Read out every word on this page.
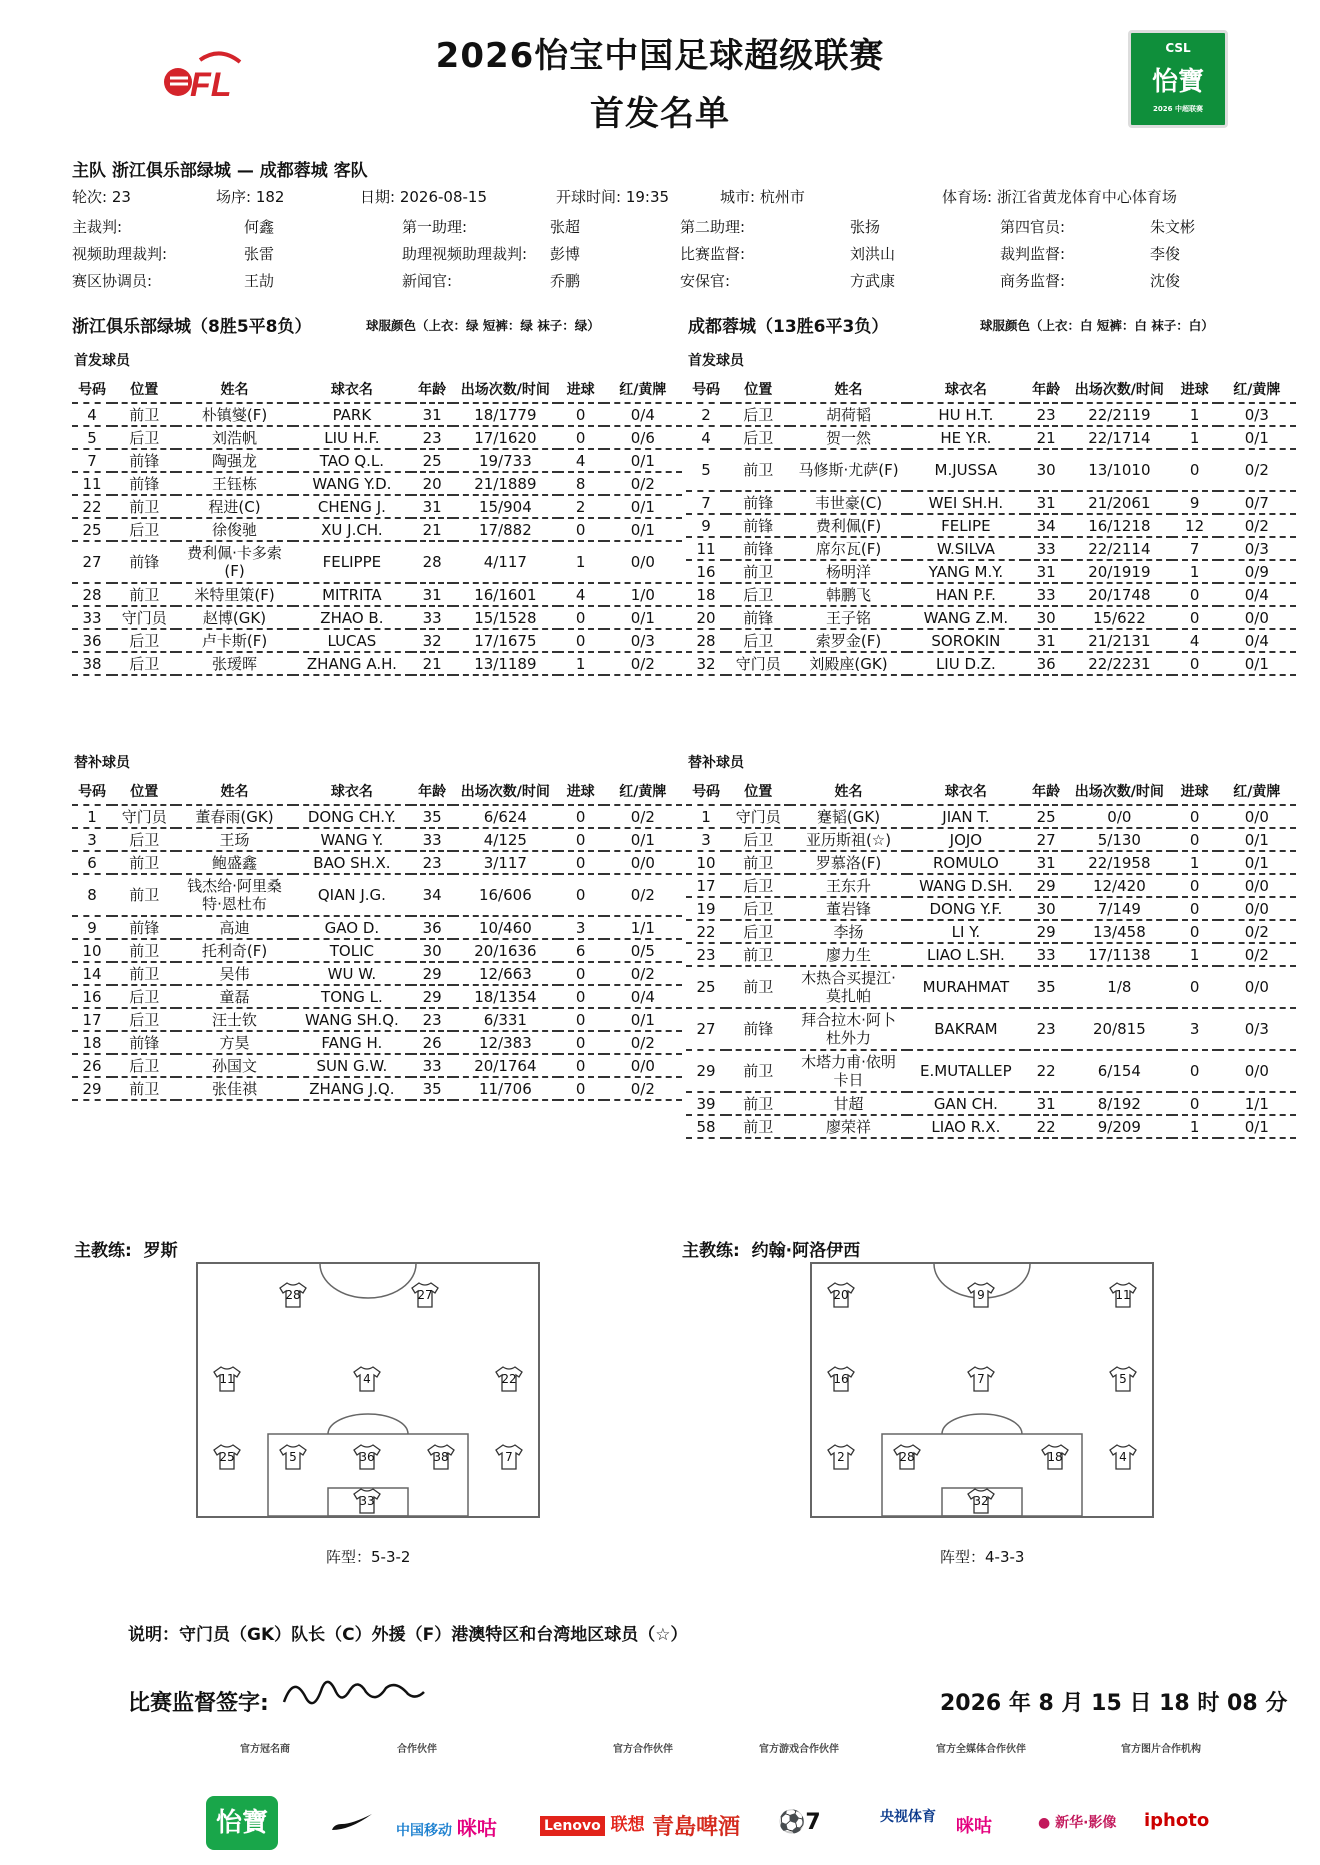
FL
2026怡宝中国足球超级联赛
首发名单
CSL
怡寶
2026 中超联赛
主队 浙江俱乐部绿城 — 成都蓉城 客队
轮次: 23	场序: 182	日期: 2026-08-15	开球时间: 19:35	城市: 杭州市	体育场: 浙江省黄龙体育中心体育场
主裁判:	何鑫	第一助理:	张超	第二助理:	张扬	第四官员:	朱文彬
视频助理裁判:	张雷	助理视频助理裁判: 彭博	比赛监督:	刘洪山	裁判监督:	李俊
赛区协调员:	王劼	新闻官:	乔鹏	安保官:	方武康	商务监督:	沈俊
浙江俱乐部绿城（8胜5平8负）	球服颜色（上衣：绿 短裤：绿 袜子：绿）	成都蓉城（13胜6平3负）	球服颜色（上衣：白 短裤：白 袜子：白）
首发球员	首发球员
号码	位置	姓名	球衣名	年龄	出场次数/时间	进球	红/黄牌
4	前卫	朴镇燮(F)	PARK	31	18/1779	0	0/4
5	后卫	刘浩帆	LIU H.F.	23	17/1620	0	0/6
7	前锋	陶强龙	TAO Q.L.	25	19/733	4	0/1
11	前锋	王钰栋	WANG Y.D.	20	21/1889	8	0/2
22	前卫	程进(C)	CHENG J.	31	15/904	2	0/1
25	后卫	徐俊驰	XU J.CH.	21	17/882	0	0/1
27	前锋	费利佩·卡多索(F)	FELIPPE	28	4/117	1	0/0
28	前卫	米特里策(F)	MITRITA	31	16/1601	4	1/0
33	守门员	赵博(GK)	ZHAO B.	33	15/1528	0	0/1
36	后卫	卢卡斯(F)	LUCAS	32	17/1675	0	0/3
38	后卫	张瑷晖	ZHANG A.H.	21	13/1189	1	0/2
号码	位置	姓名	球衣名	年龄	出场次数/时间	进球	红/黄牌
2	后卫	胡荷韬	HU H.T.	23	22/2119	1	0/3
4	后卫	贺一然	HE Y.R.	21	22/1714	1	0/1
5	前卫	马修斯·尤萨(F)	M.JUSSA	30	13/1010	0	0/2
7	前锋	韦世豪(C)	WEI SH.H.	31	21/2061	9	0/7
9	前锋	费利佩(F)	FELIPE	34	16/1218	12	0/2
11	前锋	席尔瓦(F)	W.SILVA	33	22/2114	7	0/3
16	前卫	杨明洋	YANG M.Y.	31	20/1919	1	0/9
18	后卫	韩鹏飞	HAN P.F.	33	20/1748	0	0/4
20	前锋	王子铭	WANG Z.M.	30	15/622	0	0/0
28	后卫	索罗金(F)	SOROKIN	31	21/2131	4	0/4
32	守门员	刘殿座(GK)	LIU D.Z.	36	22/2231	0	0/1
替补球员	替补球员
号码	位置	姓名	球衣名	年龄	出场次数/时间	进球	红/黄牌
1	守门员	董春雨(GK)	DONG CH.Y.	35	6/624	0	0/2
3	后卫	王玚	WANG Y.	33	4/125	0	0/1
6	前卫	鲍盛鑫	BAO SH.X.	23	3/117	0	0/0
8	前卫	钱杰给·阿里桑特·恩杜布	QIAN J.G.	34	16/606	0	0/2
9	前锋	高迪	GAO D.	36	10/460	3	1/1
10	前卫	托利奇(F)	TOLIC	30	20/1636	6	0/5
14	前卫	吴伟	WU W.	29	12/663	0	0/2
16	后卫	童磊	TONG L.	29	18/1354	0	0/4
17	后卫	汪士钦	WANG SH.Q.	23	6/331	0	0/1
18	前锋	方昊	FANG H.	26	12/383	0	0/2
26	后卫	孙国文	SUN G.W.	33	20/1764	0	0/0
29	前卫	张佳祺	ZHANG J.Q.	35	11/706	0	0/2
号码	位置	姓名	球衣名	年龄	出场次数/时间	进球	红/黄牌
1	守门员	蹇韬(GK)	JIAN T.	25	0/0	0	0/0
3	后卫	亚历斯祖(☆)	JOJO	27	5/130	0	0/1
10	前卫	罗慕洛(F)	ROMULO	31	22/1958	1	0/1
17	后卫	王东升	WANG D.SH.	29	12/420	0	0/0
19	后卫	董岩锋	DONG Y.F.	30	7/149	0	0/0
22	后卫	李扬	LI Y.	29	13/458	0	0/2
23	前卫	廖力生	LIAO L.SH.	33	17/1138	1	0/2
25	前卫	木热合买提江·莫扎帕	MURAHMAT	35	1/8	0	0/0
27	前锋	拜合拉木·阿卜杜外力	BAKRAM	23	20/815	3	0/3
29	前卫	木塔力甫·依明卡日	E.MUTALLEP	22	6/154	0	0/0
39	前卫	甘超	GAN CH.	31	8/192	0	1/1
58	前卫	廖荣祥	LIAO R.X.	22	9/209	1	0/1
主教练: 罗斯	主教练: 约翰·阿洛伊西
28	27
11	4	22
25	5	36	38	7
33
20	9	11
16	7	5
2	28	18	4
32
阵型：5-3-2	阵型：4-3-3
说明：守门员（GK）队长（C）外援（F）港澳特区和台湾地区球员（☆）
比赛监督签字:	2026 年 8 月 15 日 18 时 08 分
官方冠名商	合作伙伴	官方合作伙伴	官方游戏合作伙伴	官方全媒体合作伙伴	官方图片合作机构
怡寶	中国移动 咪咕	Lenovo 联想 青島啤酒 ⚽7	央视体育 咪咕	● 新华·影像 iphoto
